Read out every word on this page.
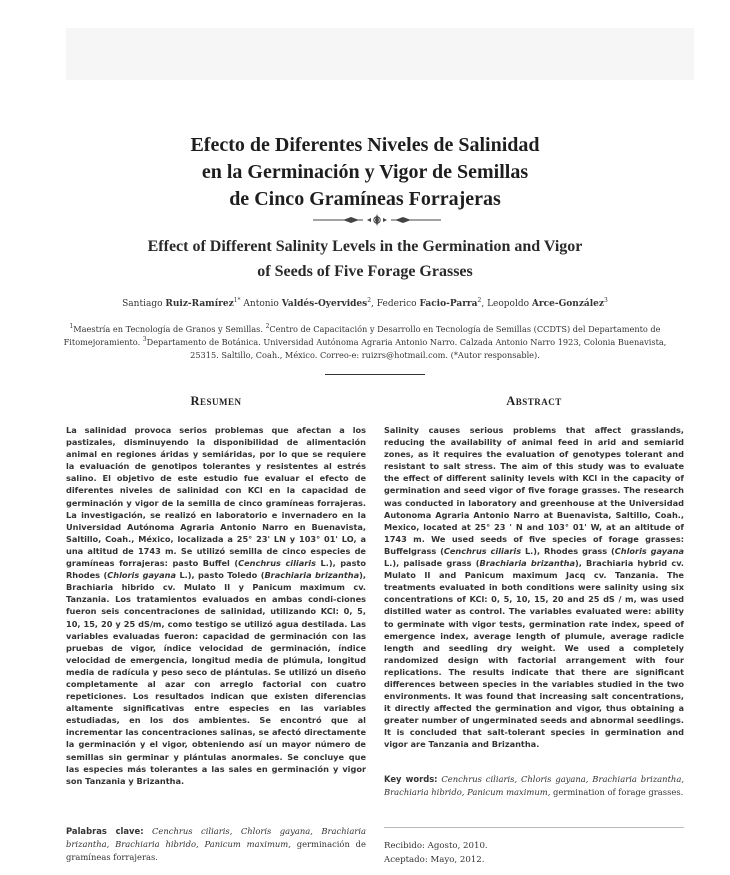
Efecto de Diferentes Niveles de Salinidad
en la Germinación y Vigor de Semillas
de Cinco Gramíneas Forrajeras
Effect of Different Salinity Levels in the Germination and Vigor
of Seeds of Five Forage Grasses
Santiago Ruiz-Ramírez$^{1*}$ Antonio Valdés-Oyervides$^2$, Federico Facio-Parra$^2$, Leopoldo Arce-González$^3$
$^1$Maestría en Tecnología de Granos y Semillas. $^2$Centro de Capacitación y Desarrollo en Tecnología de Semillas (CCDTS) del Departamento de Fitomejoramiento. $^3$Departamento de Botánica. Universidad Autónoma Agraria Antonio Narro. Calzada Antonio Narro 1923, Colonia Buenavista, 25315. Saltillo, Coah., México. Correo-e: ruizrs@hotmail.com. (*Autor responsable).
Resumen

La salinidad provoca serios problemas que afectan a los pastizales, disminuyendo la disponibilidad de alimentación animal en regiones áridas y semiáridas, por lo que se requiere la evaluación de genotipos tolerantes y resistentes al estrés salino. El objetivo de este estudio fue evaluar el efecto de diferentes niveles de salinidad con KCl en la capacidad de germinación y vigor de la semilla de cinco gramíneas forrajeras. La investigación, se realizó en laboratorio e invernadero en la Universidad Autónoma Agraria Antonio Narro en Buenavista, Saltillo, Coah., México, localizada a 25° 23' LN y 103° 01' LO, a una altitud de 1743 m. Se utilizó semilla de cinco especies de gramíneas forrajeras: pasto Buffel (Cenchrus ciliaris L.), pasto Rhodes (Chloris gayana L.), pasto Toledo (Brachiaria brizantha), Brachiaria hibrido cv. Mulato II y Panicum maximum cv. Tanzania. Los tratamientos evaluados en ambas condi-ciones fueron seis concentraciones de salinidad, utilizando KCl: 0, 5, 10, 15, 20 y 25 dS/m, como testigo se utilizó agua destilada. Las variables evaluadas fueron: capacidad de germinación con las pruebas de vigor, índice velocidad de germinación, índice velocidad de emergencia, longitud media de plúmula, longitud media de radícula y peso seco de plántulas. Se utilizó un diseño completamente al azar con arreglo factorial con cuatro repeticiones. Los resultados indican que existen diferencias altamente significativas entre especies en las variables estudiadas, en los dos ambientes. Se encontró que al incrementar las concentraciones salinas, se afectó directamente la germinación y el vigor, obteniendo así un mayor número de semillas sin germinar y plántulas anormales. Se concluye que las especies más tolerantes a las sales en germinación y vigor son Tanzania y Brizantha.

Palabras clave: Cenchrus ciliaris, Chloris gayana, Brachiaria brizantha, Brachiaria hibrido, Panicum maximum, germinación de gramíneas forrajeras.

Abstract

Salinity causes serious problems that affect grasslands, reducing the availability of animal feed in arid and semiarid zones, as it requires the evaluation of genotypes tolerant and resistant to salt stress. The aim of this study was to evaluate the effect of different salinity levels with KCl in the capacity of germination and seed vigor of five forage grasses. The research was conducted in laboratory and greenhouse at the Universidad Autonoma Agraria Antonio Narro at Buenavista, Saltillo, Coah., Mexico, located at 25° 23 ' N and 103° 01' W, at an altitude of 1743 m. We used seeds of five species of forage grasses: Buffelgrass (Cenchrus ciliaris L.), Rhodes grass (Chloris gayana L.), palisade grass (Brachiaria brizantha), Brachiaria hybrid cv. Mulato II and Panicum maximum Jacq cv. Tanzania. The treatments evaluated in both conditions were salinity using six concentrations of KCl: 0, 5, 10, 15, 20 and 25 dS / m, was used distilled water as control. The variables evaluated were: ability to germinate with vigor tests, germination rate index, speed of emergence index, average length of plumule, average radicle length and seedling dry weight. We used a completely randomized design with factorial arrangement with four replications. The results indicate that there are significant differences between species in the variables studied in the two environments. It was found that increasing salt concentrations, it directly affected the germination and vigor, thus obtaining a greater number of ungerminated seeds and abnormal seedlings. It is concluded that salt-tolerant species in germination and vigor are Tanzania and Brizantha.

Key words: Cenchrus ciliaris, Chloris gayana, Brachiaria brizantha, Brachiaria hibrido, Panicum maximum, germination of forage grasses.

Recibido: Agosto, 2010.
Aceptado: Mayo, 2012.
